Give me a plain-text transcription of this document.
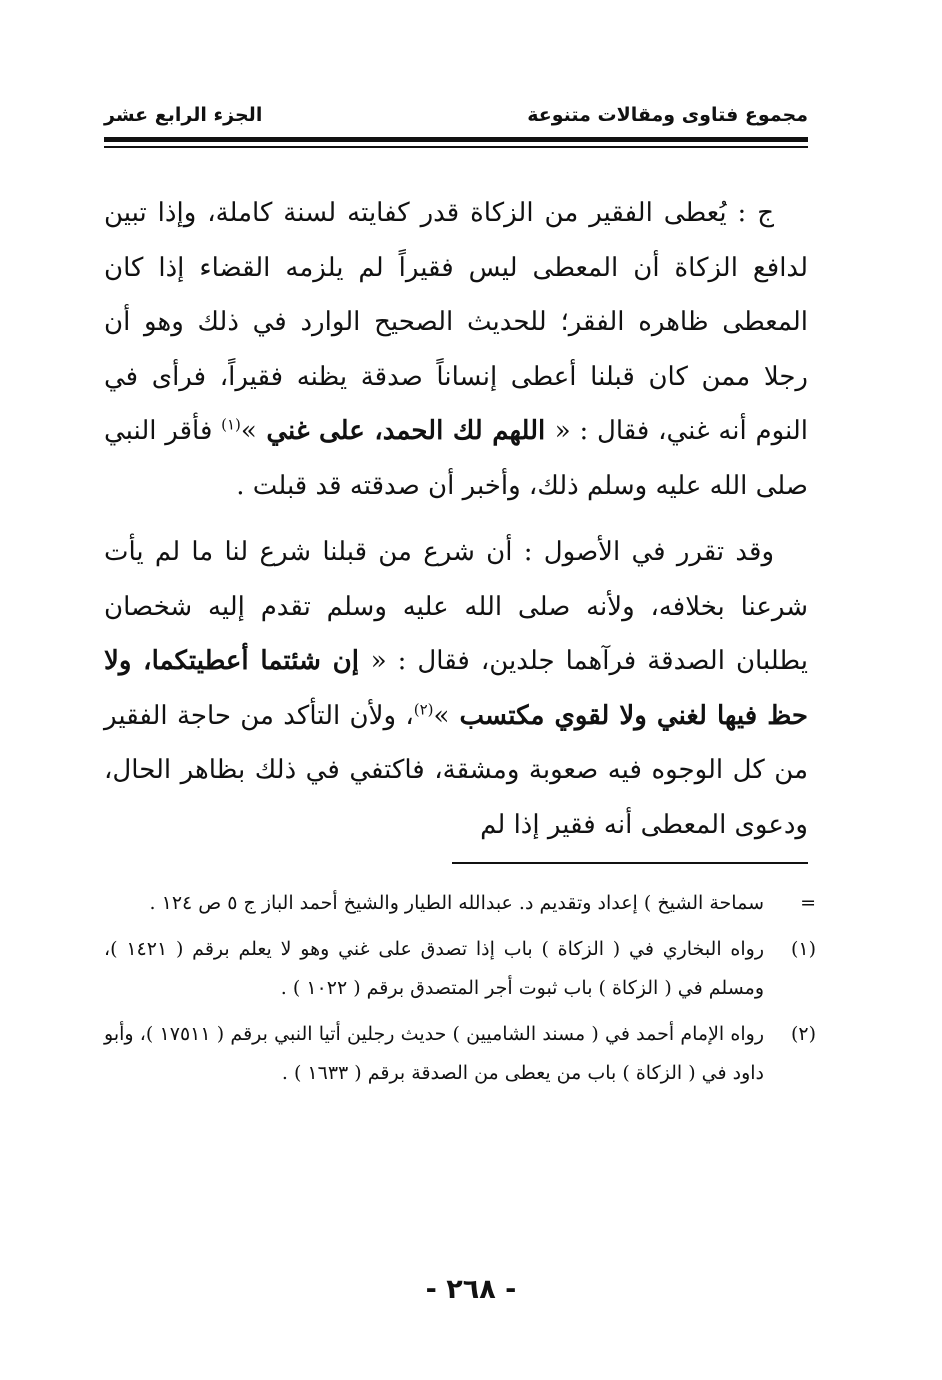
مجموع فتاوى ومقالات متنوعة
الجزء الرابع عشر

ج : يُعطى الفقير من الزكاة قدر كفايته لسنة كاملة، وإذا تبين لدافع الزكاة أن المعطى ليس فقيراً لم يلزمه القضاء إذا كان المعطى ظاهره الفقر؛ للحديث الصحيح الوارد في ذلك وهو أن رجلا ممن كان قبلنا أعطى إنساناً صدقة يظنه فقيراً، فرأى في النوم أنه غني، فقال : « اللهم لك الحمد، على غني »$^{(١)}$ فأقر النبي صلى الله عليه وسلم ذلك، وأخبر أن صدقته قد قبلت .

وقد تقرر في الأصول : أن شرع من قبلنا شرع لنا ما لم يأت شرعنا بخلافه، ولأنه صلى الله عليه وسلم تقدم إليه شخصان يطلبان الصدقة فرآهما جلدين، فقال : « إن شئتما أعطيتكما، ولا حظ فيها لغني ولا لقوي مكتسب »$^{(٢)}$، ولأن التأكد من حاجة الفقير من كل الوجوه فيه صعوبة ومشقة، فاكتفي في ذلك بظاهر الحال، ودعوى المعطى أنه فقير إذا لم

=
سماحة الشيخ ) إعداد وتقديم د. عبدالله الطيار والشيخ أحمد الباز ج ٥ ص ١٢٤ .
(١)
رواه البخاري في ( الزكاة ) باب إذا تصدق على غني وهو لا يعلم برقم ( ١٤٢١ )، ومسلم في ( الزكاة ) باب ثبوت أجر المتصدق برقم ( ١٠٢٢ ) .
(٢)
رواه الإمام أحمد في ( مسند الشاميين ) حديث رجلين أتيا النبي برقم ( ١٧٥١١ )، وأبو داود في ( الزكاة ) باب من يعطى من الصدقة برقم ( ١٦٣٣ ) .
- ٢٦٨ -
